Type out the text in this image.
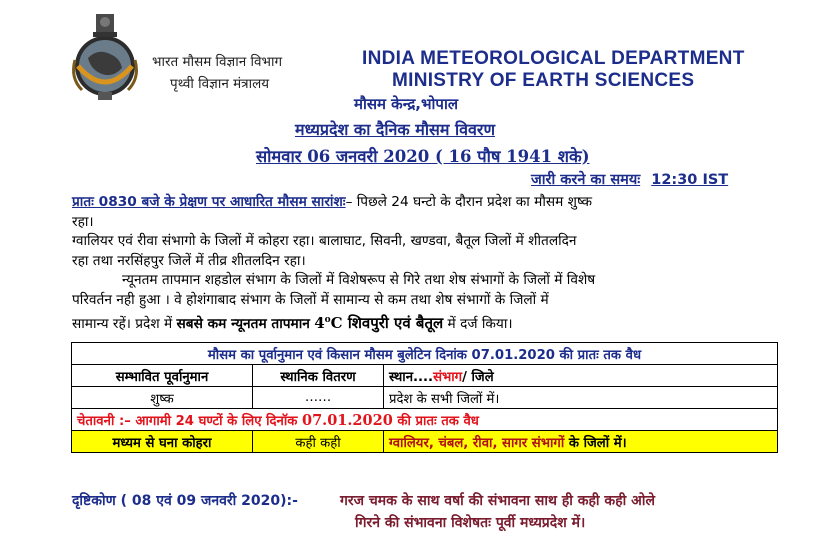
भारत मौसम विज्ञान विभाग
पृथ्वी विज्ञान मंत्रालय
INDIA METEOROLOGICAL DEPARTMENT
MINISTRY OF EARTH SCIENCES
मौसम केन्द्र,भोपाल
मध्यप्रदेश का दैनिक मौसम विवरण
सोमवार 06 जनवरी 2020 ( 16 पौष 1941 शके)
जारी करने का समयः 12:30 IST
प्रातः 0830 बजे के प्रेक्षण पर आधारित मौसम सारांशः– पिछले 24 घन्टो के दौरान प्रदेश का मौसम शुष्क
रहा।
ग्वालियर एवं रीवा संभागो के जिलों में कोहरा रहा। बालाघाट, सिवनी, खण्डवा, बैतूल जिलों में शीतलदिन
रहा तथा नरसिंहपुर जिलें में तीव्र शीतलदिन रहा।
न्यूनतम तापमान शहडोल संभाग के जिलों में विशेषरूप से गिरे तथा शेष संभागों के जिलों में विशेष
परिवर्तन नही हुआ । वे होशंगाबाद संभाग के जिलों में सामान्य से कम तथा शेष संभागों के जिलों में
सामान्य रहें। प्रदेश में सबसे कम न्यूनतम तापमान 4$^o$C शिवपुरी एवं बैतूल में दर्ज किया।
मौसम का पूर्वानुमान एवं किसान मौसम बुलेटिन दिनांक 07.01.2020 की प्रातः तक वैध		
सम्भावित पूर्वानुमान	स्थानिक वितरण	स्थान....संभाग/ जिले
शुष्क	……	प्रदेश के सभी जिलों में।
चेतावनी :– आगामी 24 घण्टों के लिए दिनॉक 07.01.2020 की प्रातः तक वैध		
मध्यम से घना कोहरा	कही कही	ग्वालियर, चंबल, रीवा, सागर संभागों के जिलों में।
दृष्टिकोण ( 08 एवं 09 जनवरी 2020):-	गरज चमक के साथ वर्षा की संभावना साथ ही कही कही ओले
गिरने की संभावना विशेषतः पूर्वी मध्यप्रदेश में।
